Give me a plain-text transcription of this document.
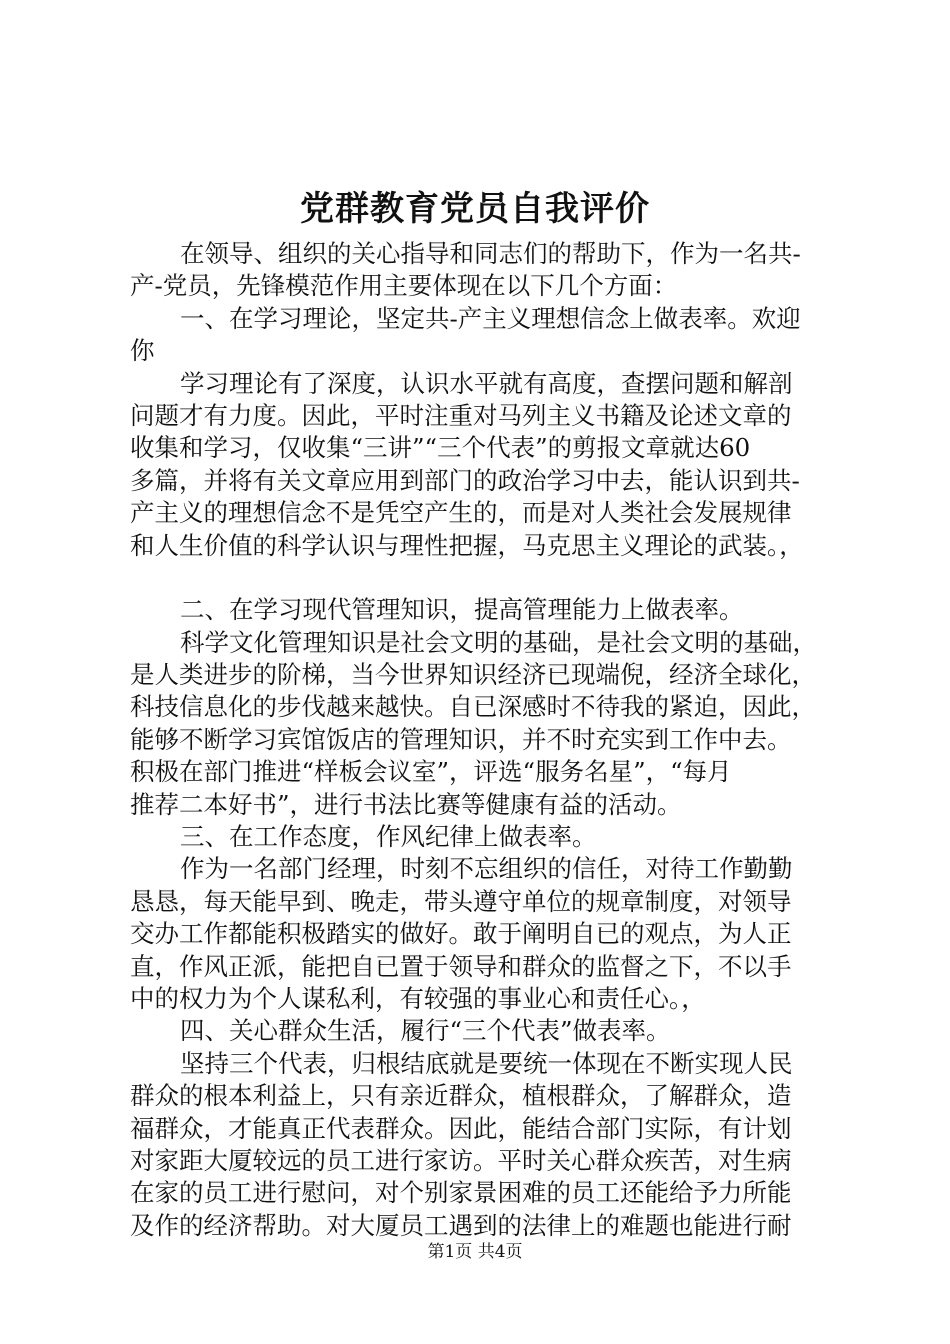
党群教育党员自我评价
在领导、组织的关心指导和同志们的帮助下，作为一名共-
产-党员，先锋模范作用主要体现在以下几个方面：
一、在学习理论，坚定共-产主义理想信念上做表率。欢迎
你
学习理论有了深度，认识水平就有高度，查摆问题和解剖
问题才有力度。因此，平时注重对马列主义书籍及论述文章的
收集和学习，仅收集“三讲”“三个代表”的剪报文章就达60
多篇，并将有关文章应用到部门的政治学习中去，能认识到共-
产主义的理想信念不是凭空产生的，而是对人类社会发展规律
和人生价值的科学认识与理性把握，马克思主义理论的武装。，
二、在学习现代管理知识，提高管理能力上做表率。
科学文化管理知识是社会文明的基础，是社会文明的基础，
是人类进步的阶梯，当今世界知识经济已现端倪，经济全球化，
科技信息化的步伐越来越快。自已深感时不待我的紧迫，因此，
能够不断学习宾馆饭店的管理知识，并不时充实到工作中去。
积极在部门推进“样板会议室”，评选“服务名星”，“每月
推荐二本好书”，进行书法比赛等健康有益的活动。
三、在工作态度，作风纪律上做表率。
作为一名部门经理，时刻不忘组织的信任，对待工作勤勤
恳恳，每天能早到、晚走，带头遵守单位的规章制度，对领导
交办工作都能积极踏实的做好。敢于阐明自已的观点，为人正
直，作风正派，能把自已置于领导和群众的监督之下，不以手
中的权力为个人谋私利，有较强的事业心和责任心。，
四、关心群众生活，履行“三个代表”做表率。
坚持三个代表，归根结底就是要统一体现在不断实现人民
群众的根本利益上，只有亲近群众，植根群众，了解群众，造
福群众，才能真正代表群众。因此，能结合部门实际，有计划
对家距大厦较远的员工进行家访。平时关心群众疾苦，对生病
在家的员工进行慰问，对个别家景困难的员工还能给予力所能
及作的经济帮助。对大厦员工遇到的法律上的难题也能进行耐
第1页 共4页
